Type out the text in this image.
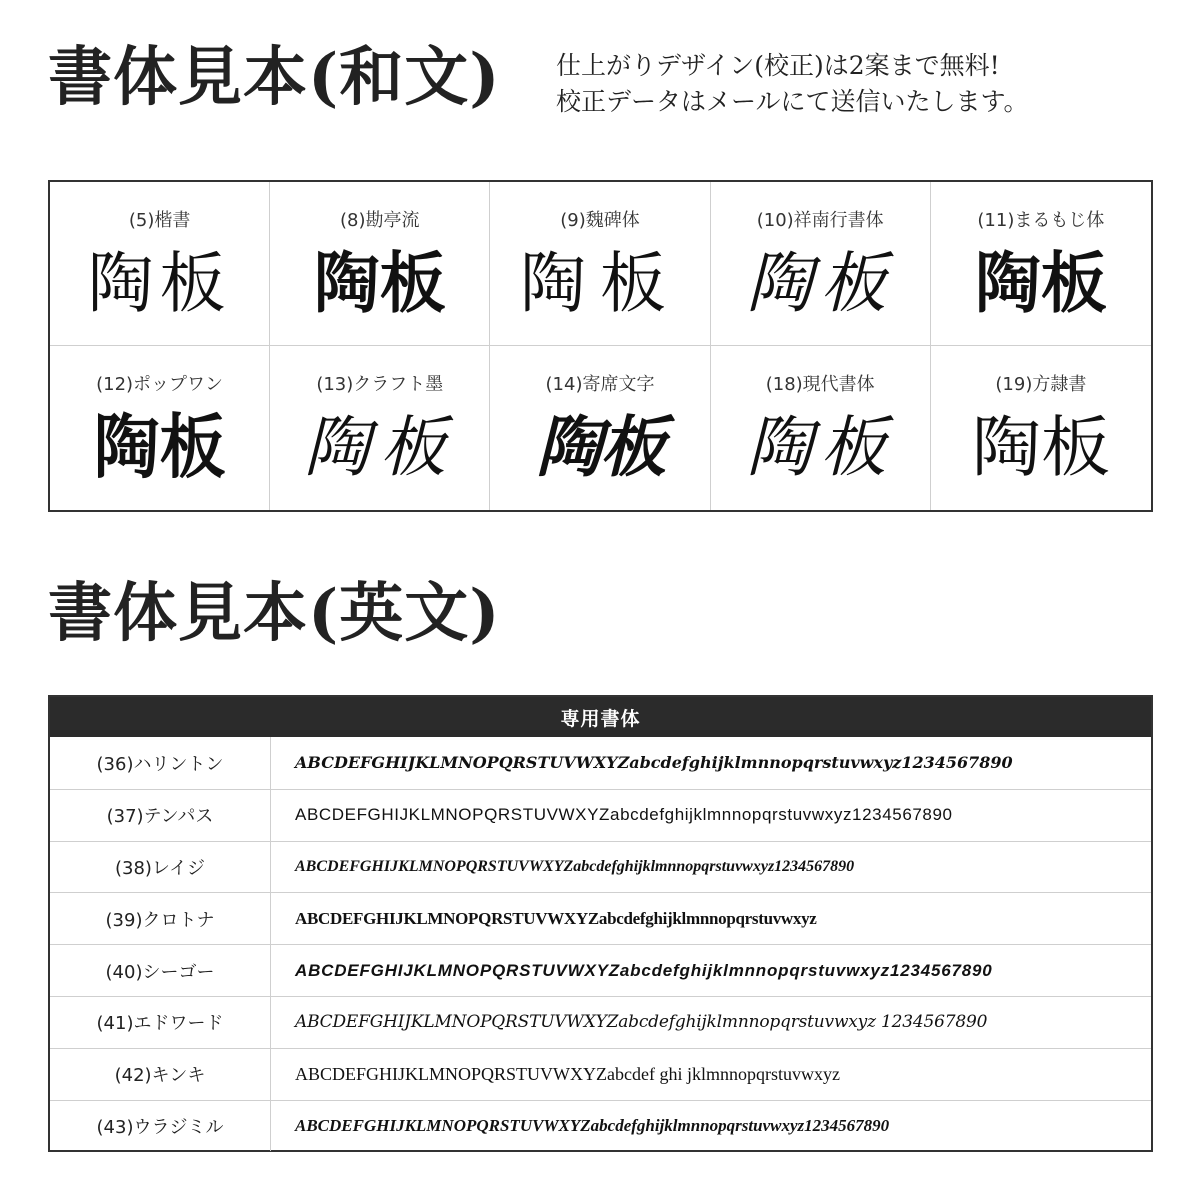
書体見本(和文) 仕上がりデザイン(校正)は2案まで無料!
校正データはメールにて送信いたします。
(5)楷書
陶板
(8)勘亭流
陶板
(9)魏碑体
陶板
(10)祥南行書体
陶板
(11)まるもじ体
陶板
(12)ポップワン
陶板
(13)クラフト墨
陶板
(14)寄席文字
陶板
(18)現代書体
陶板
(19)方隷書
陶板
書体見本(英文)
専用書体
(36)ハリントン	ABCDEFGHIJKLMNOPQRSTUVWXYZabcdefghijklmnnopqrstuvwxyz1234567890
(37)テンパス	ABCDEFGHIJKLMNOPQRSTUVWXYZabcdefghijklmnnopqrstuvwxyz1234567890
(38)レイジ	ABCDEFGHIJKLMNOPQRSTUVWXYZabcdefghijklmnnopqrstuvwxyz1234567890
(39)クロトナ	ABCDEFGHIJKLMNOPQRSTUVWXYZabcdefghijklmnnopqrstuvwxyz
(40)シーゴー	ABCDEFGHIJKLMNOPQRSTUVWXYZabcdefghijklmnnopqrstuvwxyz1234567890
(41)エドワード	ABCDEFGHIJKLMNOPQRSTUVWXYZabcdefghijklmnnopqrstuvwxyz 1234567890
(42)キンキ	ABCDEFGHIJKLMNOPQRSTUVWXYZabcdef ghi jklmnnopqrstuvwxyz
(43)ウラジミル	ABCDEFGHIJKLMNOPQRSTUVWXYZabcdefghijklmnnopqrstuvwxyz1234567890
